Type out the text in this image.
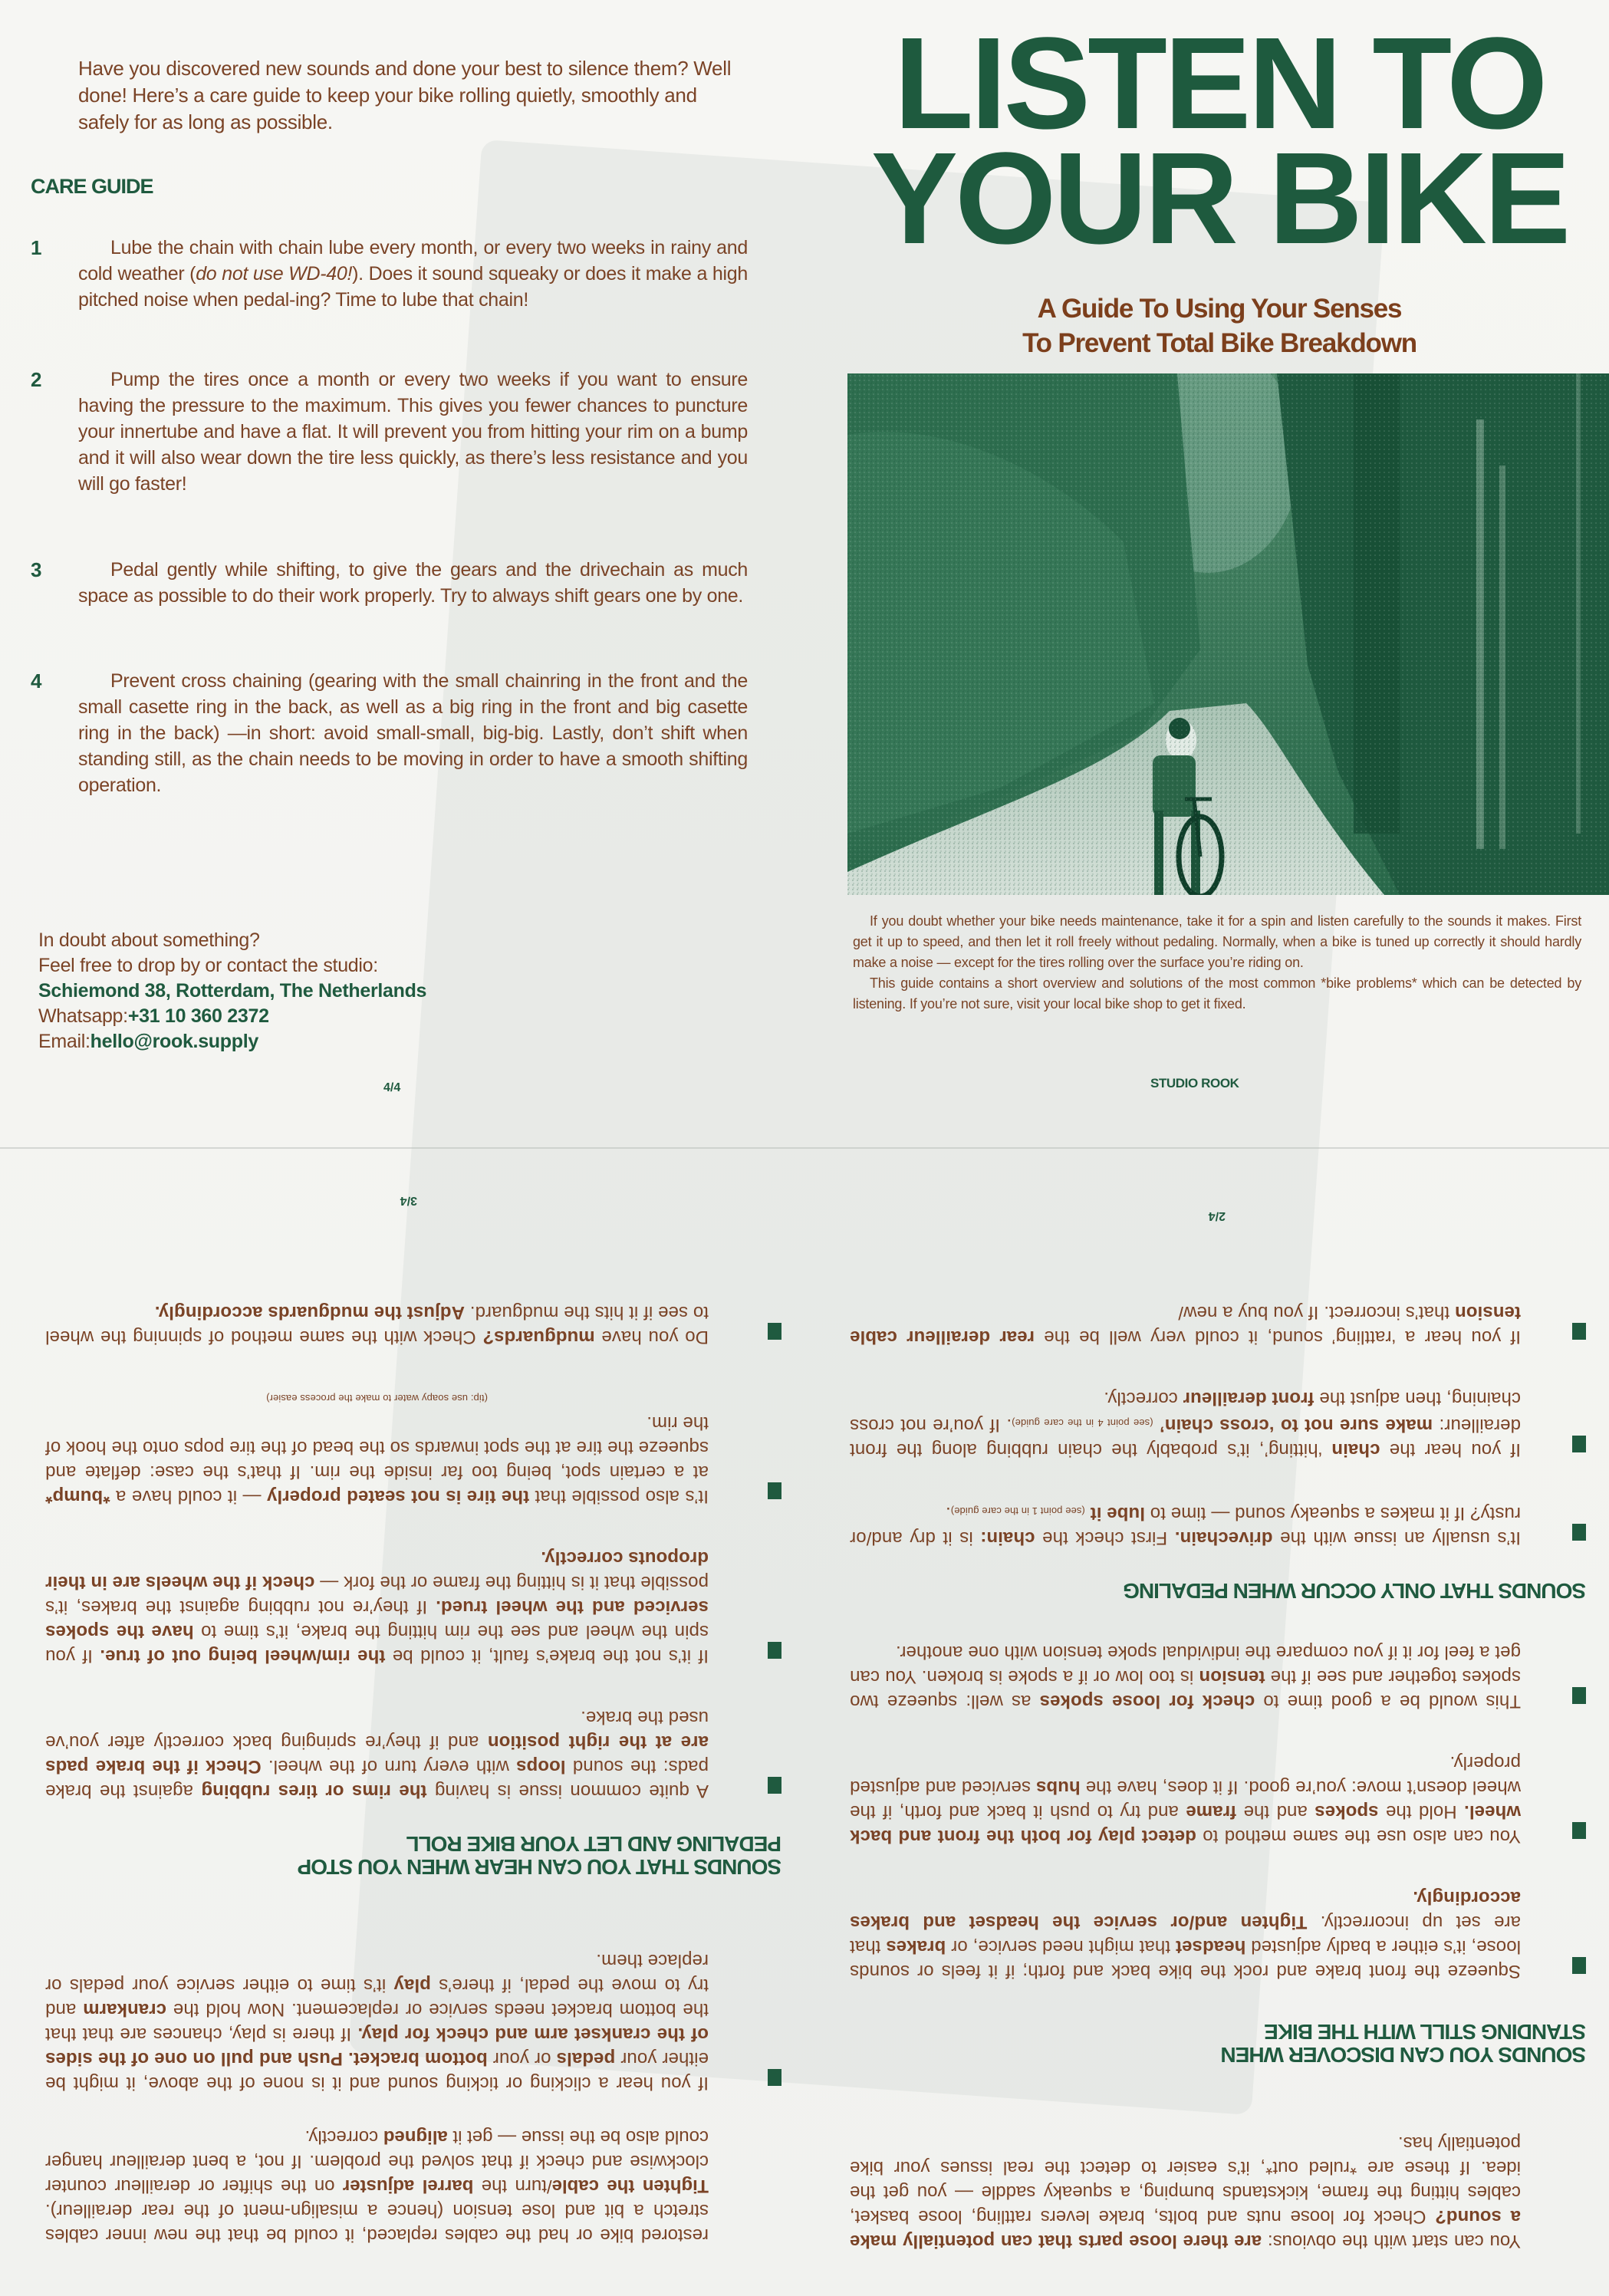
Have you discovered new sounds and done your best to silence them? Well done! Here’s a care guide to keep your bike rolling quietly, smoothly and safely for as long as possible.

CARE GUIDE
1	Lube the chain with chain lube every month, or every two weeks in rainy and cold weather (do not use WD-40!). Does it sound squeaky or does it make a high pitched noise when pedal-ing? Time to lube that chain!
2	Pump the tires once a month or every two weeks if you want to ensure having the pressure to the maximum. This gives you fewer chances to puncture your innertube and have a flat. It will prevent you from hitting your rim on a bump and it will also wear down the tire less quickly, as there’s less resistance and you will go faster!
3	Pedal gently while shifting, to give the gears and the drivechain as much space as possible to do their work properly. Try to always shift gears one by one.
4	Prevent cross chaining (gearing with the small chainring in the front and the small casette ring in the back, as well as a big ring in the front and big casette ring in the back) —in short: avoid small-small, big-big. Lastly, don’t shift when standing still, as the chain needs to be moving in order to have a smooth shifting operation.
In doubt about something?
Feel free to drop by or contact the studio:
Schiemond 38, Rotterdam, The Netherlands
Whatsapp:+31 10 360 2372
Email:hello@rook.supply
4/4
LISTEN TO
YOUR BIKE
A Guide To Using Your Senses
To Prevent Total Bike Breakdown

If you doubt whether your bike needs maintenance, take it for a spin and listen carefully to the sounds it makes. First get it up to speed, and then let it roll freely without pedaling. Normally, when a bike is tuned up correctly it should hardly make a noise — except for the tires rolling over the surface you’re riding on.

This guide contains a short overview and solutions of the most common *bike problems* which can be detected by listening. If you’re not sure, visit your local bike shop to get it fixed.

STUDIO ROOK

You can start with the obvious: are there loose parts that can potentially make a sound? Check for loose nuts and bolts, brake levers rattling, loose basket, cables hitting the frame, kickstands bumping, a squeaky saddle — you get the idea. If these are *ruled out*, it’s easier to detect the real issues your bike potentially has.

SOUNDS YOU CAN DISCOVER WHEN STANDING STILL WITH THE BIKE
Squeeze the front brake and rock the bike back and forth; if it feels or sounds loose, it’s either a badly adjusted headset that might need service, or brakes that are set up incorrectly. Tighten and/or service the headset and brakes accordingly.
You can also use the same method to detect play for both the front and back wheel. Hold the spokes and the frame and try to push it back and forth, if the wheel doesn’t move: you’re good. If it does, have the hubs serviced and adjusted properly.
This would be a good time to check for loose spokes as well: squeeze two spokes together and see if the tension is too low or if a spoke is broken. You can get a feel for it if you compare the individual spoke tension with one another.
SOUNDS THAT ONLY OCCUR WHEN PEDALING
It’s usually an issue with the drivechain. First check the chain: is it dry and/or rusty? If it makes a squeaky sound — time to lube it (see point 1 in the care guide).
If you hear the chain ‘hitting’, it’s probably the chain rubbing along the front derailleur: make sure not to ‘cross chain’ (see point 4 in the care guide). If you’re not cross chaining, then adjust the front derailleur correctly.
If you hear a ‘rattling’ sound, it could very well be the rear derailleur cable tension that’s incorrect. If you buy a new/
2/4

restored bike or had the cables replaced, it could be that the new inner cables stretch a bit and lose tension (hence a misalign-ment of the rear derailleur). Tighten the cable/turn the barrel adjuster on the shifter or derailleur counter clockwise and check if that solved the problem. If not, a bent derailleur hanger could also be the issue — get it aligned correctly.

If you hear a clicking or ticking sound and it is none of the above, it might be either your pedals or your bottom bracket. Push and pull on one of the sides of the crankset arm and check for play. If there is play, chances are that that the bottom bracket needs service or replacement. Now hold the crankarm and try to move the pedal, if there’s play it’s time to either service your pedals or replace them.
SOUNDS THAT YOU CAN HEAR WHEN YOU STOP PEDALING AND LET YOUR BIKE ROLL
A quite common issue is having the rims or tires rubbing against the brake pads: the sound loops with every turn of the wheel. Check if the brake pads are at the right position and if they’re springing back correctly after you’ve used the brake.
If it’s not the brake’s fault, it could be the rim/wheel being out of true. If you spin the wheel and see the rim hitting the brake, it’s time to have the spokes serviced and the wheel trued. If they’re not rubbing against the brakes, it’s possible that it is hitting the frame or the fork — check if the wheels are in their dropouts correctly.
It’s also possible that the tire is not seated properly — it could have a *bump* at a certain spot, being too far inside the rim. If that’s the case: deflate and squeeze the tire at the spot inwards so the bead of the tire pops onto the hook of the rim.

(tip: use soapy water to make the process easier)
Do you have mudguards? Check with the same method of spinning the wheel to see if it hits the mudguard. Adjust the mudguards accordingly.
3/4
